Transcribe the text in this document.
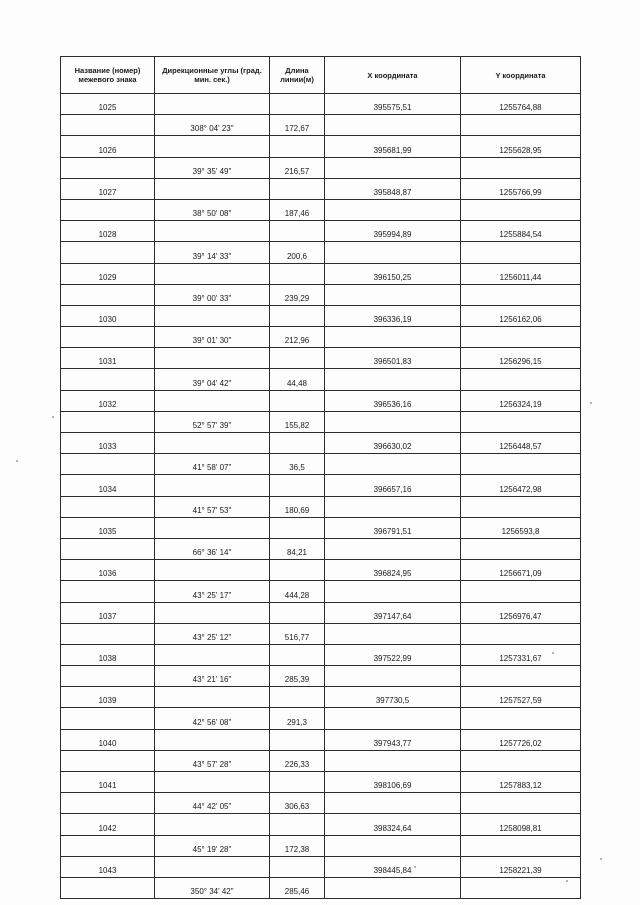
Название (номер) межевого знака	Дирекционные углы (град. мин. сек.)	Длина линии(м)	X координата	Y координата
1025			395575,51	1255764,88
	308° 04' 23"	172,67		
1026			395681,99	1255628,95
	39° 35' 49"	216,57		
1027			395848,87	1255766,99
	38° 50' 08"	187,46		
1028			395994,89	1255884,54
	39° 14' 33"	200,6		
1029			396150,25	1256011,44
	39° 00' 33"	239,29		
1030			396336,19	1256162,06
	39° 01' 30"	212,96		
1031			396501,83	1256296,15
	39° 04' 42"	44,48		
1032			396536,16	1256324,19
	52° 57' 39"	155,82		
1033			396630,02	1256448,57
	41° 58' 07"	36,5		
1034			396657,16	1256472,98
	41° 57' 53"	180,69		
1035			396791,51	1256593,8
	66° 36' 14"	84,21		
1036			396824,95	1256671,09
	43° 25' 17"	444,28		
1037			397147,64	1256976,47
	43° 25' 12"	516,77		
1038			397522,99	1257331,67
	43° 21' 16"	285,39		
1039			397730,5	1257527,59
	42° 56' 08"	291,3		
1040			397943,77	1257726,02
	43° 57' 28"	226,33		
1041			398106,69	1257883,12
	44° 42' 05"	306,63		
1042			398324,64	1258098,81
	45° 19' 28"	172,38		
1043			398445,84	1258221,39
	350° 34' 42"	285,46		
